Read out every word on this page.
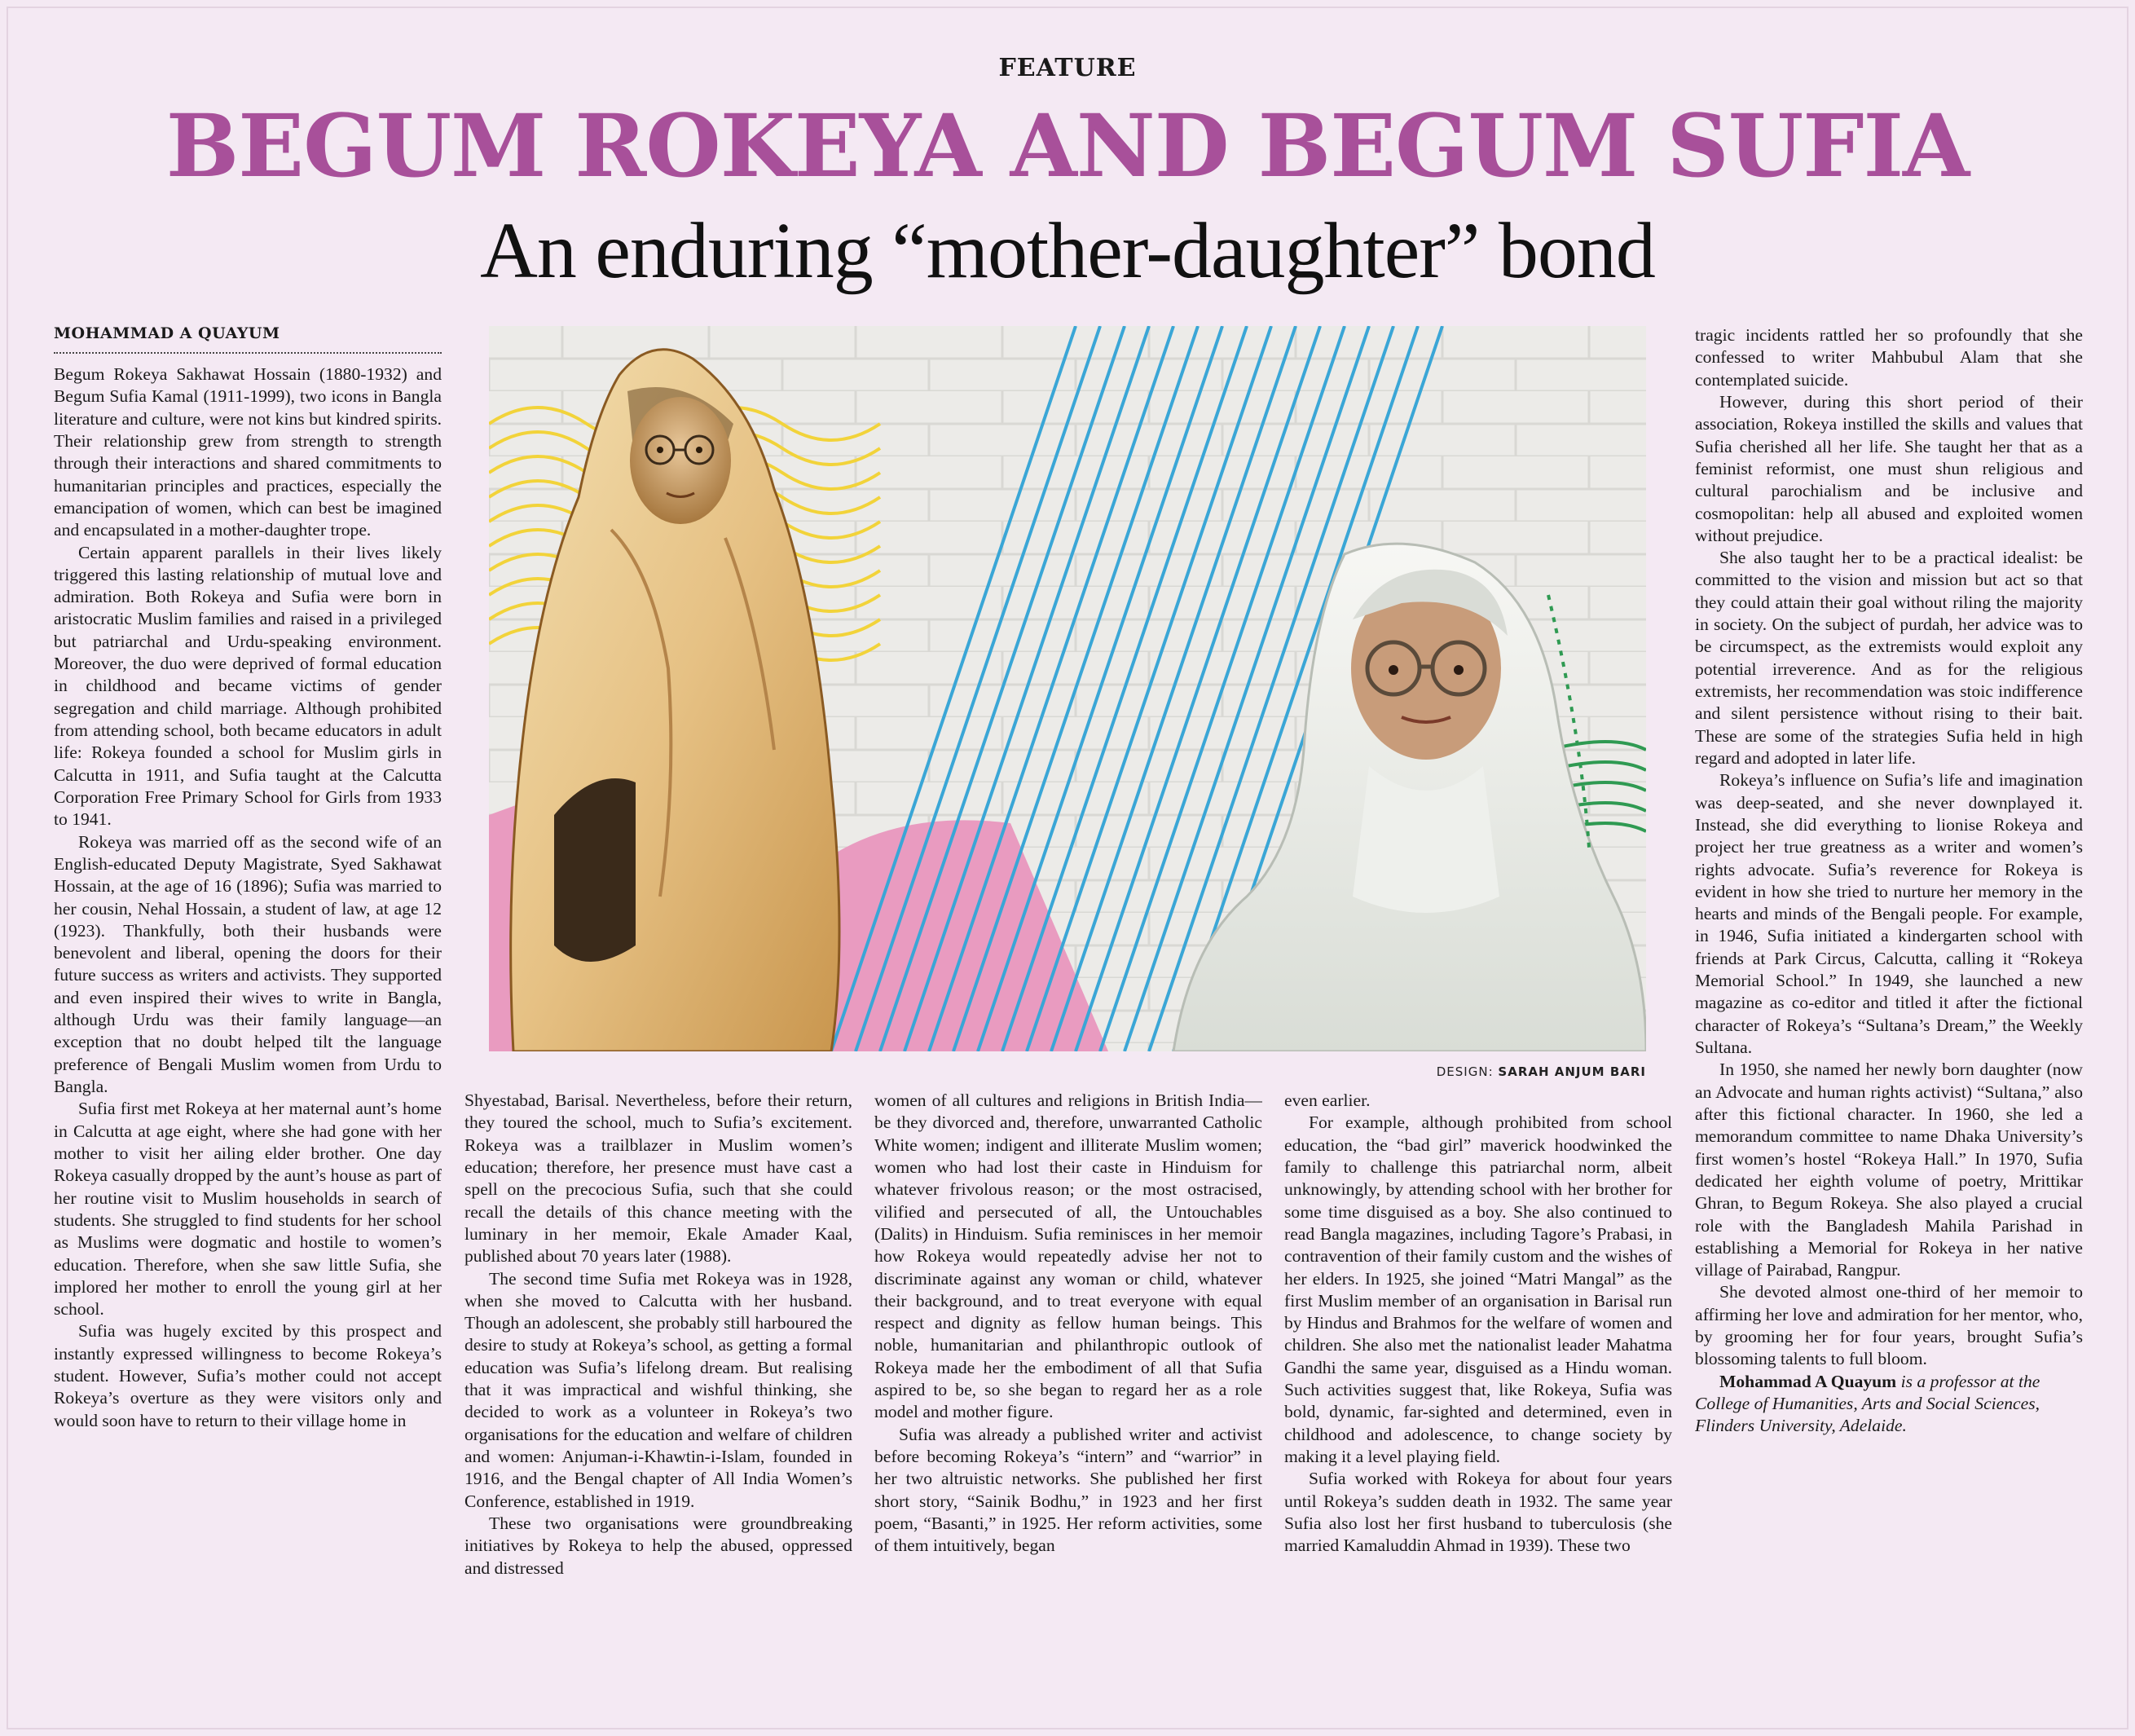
FEATURE
BEGUM ROKEYA AND BEGUM SUFIA
An enduring “mother-daughter” bond
MOHAMMAD A QUAYUM

Begum Rokeya Sakhawat Hossain (1880-1932) and Begum Sufia Kamal (1911-1999), two icons in Bangla literature and culture, were not kins but kindred spirits. Their relationship grew from strength to strength through their interactions and shared commitments to humanitarian principles and practices, especially the emancipation of women, which can best be imagined and encapsulated in a mother-daughter trope.

Certain apparent parallels in their lives likely triggered this lasting relationship of mutual love and admiration. Both Rokeya and Sufia were born in aristocratic Muslim families and raised in a privileged but patriarchal and Urdu-speaking environment. Moreover, the duo were deprived of formal education in childhood and became victims of gender segregation and child marriage. Although prohibited from attending school, both became educators in adult life: Rokeya founded a school for Muslim girls in Calcutta in 1911, and Sufia taught at the Calcutta Corporation Free Primary School for Girls from 1933 to 1941.

Rokeya was married off as the second wife of an English-educated Deputy Magistrate, Syed Sakhawat Hossain, at the age of 16 (1896); Sufia was married to her cousin, Nehal Hossain, a student of law, at age 12 (1923). Thankfully, both their husbands were benevolent and liberal, opening the doors for their future success as writers and activists. They supported and even inspired their wives to write in Bangla, although Urdu was their family language—an exception that no doubt helped tilt the language preference of Bengali Muslim women from Urdu to Bangla.

Sufia first met Rokeya at her maternal aunt’s home in Calcutta at age eight, where she had gone with her mother to visit her ailing elder brother. One day Rokeya casually dropped by the aunt’s house as part of her routine visit to Muslim households in search of students. She struggled to find students for her school as Muslims were dogmatic and hostile to women’s education. Therefore, when she saw little Sufia, she implored her mother to enroll the young girl at her school.

Sufia was hugely excited by this prospect and instantly expressed willingness to become Rokeya’s student. However, Sufia’s mother could not accept Rokeya’s overture as they were visitors only and would soon have to return to their village home in

DESIGN: SARAH ANJUM BARI

Shyestabad, Barisal. Nevertheless, before their return, they toured the school, much to Sufia’s excitement. Rokeya was a trailblazer in Muslim women’s education; therefore, her presence must have cast a spell on the precocious Sufia, such that she could recall the details of this chance meeting with the luminary in her memoir, Ekale Amader Kaal, published about 70 years later (1988).

The second time Sufia met Rokeya was in 1928, when she moved to Calcutta with her husband. Though an adolescent, she probably still harboured the desire to study at Rokeya’s school, as getting a formal education was Sufia’s lifelong dream. But realising that it was impractical and wishful thinking, she decided to work as a volunteer in Rokeya’s two organisations for the education and welfare of children and women: Anjuman-i-Khawtin-i-Islam, founded in 1916, and the Bengal chapter of All India Women’s Conference, established in 1919.

These two organisations were groundbreaking initiatives by Rokeya to help the abused, oppressed and distressed

women of all cultures and religions in British India—be they divorced and, therefore, unwarranted Catholic White women; indigent and illiterate Muslim women; women who had lost their caste in Hinduism for whatever frivolous reason; or the most ostracised, vilified and persecuted of all, the Untouchables (Dalits) in Hinduism. Sufia reminisces in her memoir how Rokeya would repeatedly advise her not to discriminate against any woman or child, whatever their background, and to treat everyone with equal respect and dignity as fellow human beings. This noble, humanitarian and philanthropic outlook of Rokeya made her the embodiment of all that Sufia aspired to be, so she began to regard her as a role model and mother figure.

Sufia was already a published writer and activist before becoming Rokeya’s “intern” and “warrior” in her two altruistic networks. She published her first short story, “Sainik Bodhu,” in 1923 and her first poem, “Basanti,” in 1925. Her reform activities, some of them intuitively, began

even earlier.

For example, although prohibited from school education, the “bad girl” maverick hoodwinked the family to challenge this patriarchal norm, albeit unknowingly, by attending school with her brother for some time disguised as a boy. She also continued to read Bangla magazines, including Tagore’s Prabasi, in contravention of their family custom and the wishes of her elders. In 1925, she joined “Matri Mangal” as the first Muslim member of an organisation in Barisal run by Hindus and Brahmos for the welfare of women and children. She also met the nationalist leader Mahatma Gandhi the same year, disguised as a Hindu woman. Such activities suggest that, like Rokeya, Sufia was bold, dynamic, far-sighted and determined, even in childhood and adolescence, to change society by making it a level playing field.

Sufia worked with Rokeya for about four years until Rokeya’s sudden death in 1932. The same year Sufia also lost her first husband to tuberculosis (she married Kamaluddin Ahmad in 1939). These two

tragic incidents rattled her so profoundly that she confessed to writer Mahbubul Alam that she contemplated suicide.

However, during this short period of their association, Rokeya instilled the skills and values that Sufia cherished all her life. She taught her that as a feminist reformist, one must shun religious and cultural parochialism and be inclusive and cosmopolitan: help all abused and exploited women without prejudice.

She also taught her to be a practical idealist: be committed to the vision and mission but act so that they could attain their goal without riling the majority in society. On the subject of purdah, her advice was to be circumspect, as the extremists would exploit any potential irreverence. And as for the religious extremists, her recommendation was stoic indifference and silent persistence without rising to their bait. These are some of the strategies Sufia held in high regard and adopted in later life.

Rokeya’s influence on Sufia’s life and imagination was deep-seated, and she never downplayed it. Instead, she did everything to lionise Rokeya and project her true greatness as a writer and women’s rights advocate. Sufia’s reverence for Rokeya is evident in how she tried to nurture her memory in the hearts and minds of the Bengali people. For example, in 1946, Sufia initiated a kindergarten school with friends at Park Circus, Calcutta, calling it “Rokeya Memorial School.” In 1949, she launched a new magazine as co-editor and titled it after the fictional character of Rokeya’s “Sultana’s Dream,” the Weekly Sultana.

In 1950, she named her newly born daughter (now an Advocate and human rights activist) “Sultana,” also after this fictional character. In 1960, she led a memorandum committee to name Dhaka University’s first women’s hostel “Rokeya Hall.” In 1970, Sufia dedicated her eighth volume of poetry, Mrittikar Ghran, to Begum Rokeya. She also played a crucial role with the Bangladesh Mahila Parishad in establishing a Memorial for Rokeya in her native village of Pairabad, Rangpur.

She devoted almost one-third of her memoir to affirming her love and admiration for her mentor, who, by grooming her for four years, brought Sufia’s blossoming talents to full bloom.

Mohammad A Quayum is a professor at the College of Humanities, Arts and Social Sciences, Flinders University, Adelaide.
